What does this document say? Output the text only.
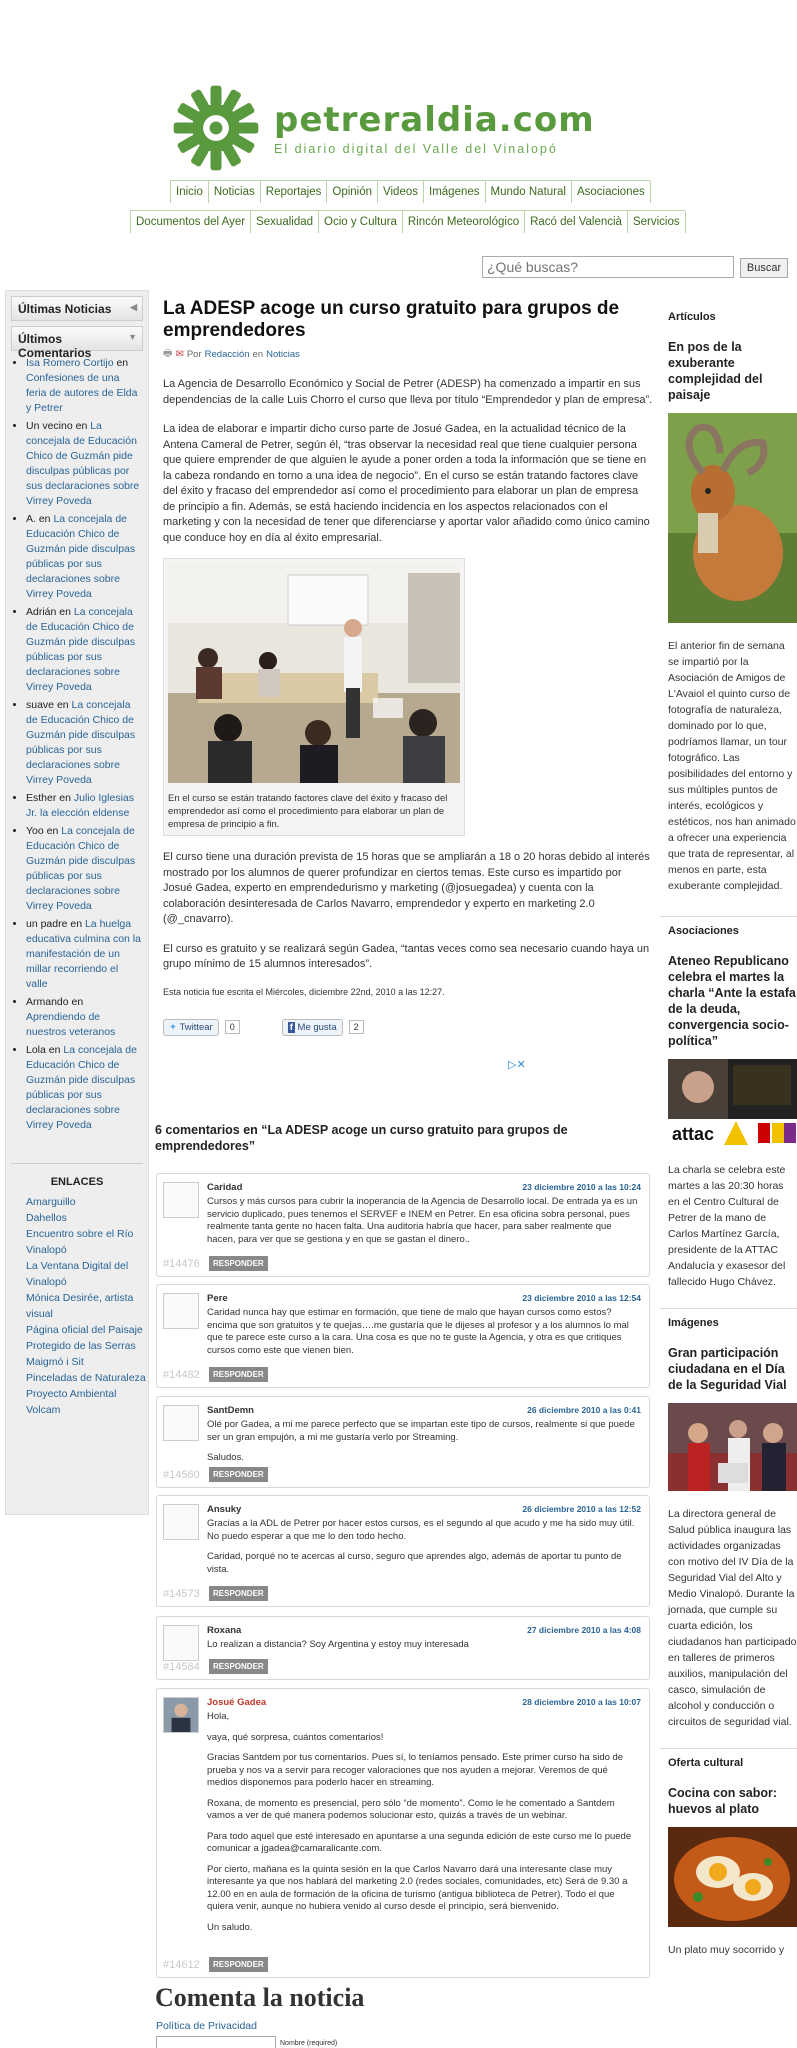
petreraldia.com
El diario digital del Valle del Vinalopó
Inicio Noticias Reportajes Opinión Videos Imágenes Mundo Natural Asociaciones
Documentos del Ayer Sexualidad Ocio y Cultura Rincón Meteorológico Racó del Valencià Servicios
¿Qué buscas?
Buscar
Últimas Noticias ◀
Últimos Comentarios
▼
• Isa Romero Cortijo en Confesiones de una feria de autores de Elda y Petrer
• Un vecino en La concejala de Educación Chico de Guzmán pide disculpas públicas por sus declaraciones sobre Virrey Poveda
• A. en La concejala de Educación Chico de Guzmán pide disculpas públicas por sus declaraciones sobre Virrey Poveda
• Adrián en La concejala de Educación Chico de Guzmán pide disculpas públicas por sus declaraciones sobre Virrey Poveda
• suave en La concejala de Educación Chico de Guzmán pide disculpas públicas por sus declaraciones sobre Virrey Poveda
• Esther en Julio Iglesias Jr. la elección eldense
• Yoo en La concejala de Educación Chico de Guzmán pide disculpas públicas por sus declaraciones sobre Virrey Poveda
• un padre en La huelga educativa culmina con la manifestación de un millar recorriendo el valle
• Armando en Aprendiendo de nuestros veteranos
• Lola en La concejala de Educación Chico de Guzmán pide disculpas públicas por sus declaraciones sobre Virrey Poveda
ENLACES
Amarguillo
Dahellos
Encuentro sobre el Río Vinalopó
La Ventana Digital del Vinalopó
Mónica Desirée, artista visual
Página oficial del Paisaje Protegido de las Serras Maigmó i Sit
Pinceladas de Naturaleza
Proyecto Ambiental Volcam
La ADESP acoge un curso gratuito para grupos de emprendedores
🖶 ✉ Por Redacción en Noticias

La Agencia de Desarrollo Económico y Social de Petrer (ADESP) ha comenzado a impartir en sus dependencias de la calle Luis Chorro el curso que lleva por título “Emprendedor y plan de empresa”.

La idea de elaborar e impartir dicho curso parte de Josué Gadea, en la actualidad técnico de la Antena Cameral de Petrer, según él, “tras observar la necesidad real que tiene cualquier persona que quiere emprender de que alguien le ayude a poner orden a toda la información que se tiene en la cabeza rondando en torno a una idea de negocio”. En el curso se están tratando factores clave del éxito y fracaso del emprendedor así como el procedimiento para elaborar un plan de empresa de principio a fin. Además, se está haciendo incidencia en los aspectos relacionados con el marketing y con la necesidad de tener que diferenciarse y aportar valor añadido como único camino que conduce hoy en día al éxito empresarial.

En el curso se están tratando factores clave del éxito y fracaso del emprendedor así como el procedimiento para elaborar un plan de empresa de principio a fin.

El curso tiene una duración prevista de 15 horas que se ampliarán a 18 o 20 horas debido al interés mostrado por los alumnos de querer profundizar en ciertos temas. Este curso es impartido por Josué Gadea, experto en emprendedurismo y marketing (@josuegadea) y cuenta con la colaboración desinteresada de Carlos Navarro, emprendedor y experto en marketing 2.0 (@_cnavarro).

El curso es gratuito y se realizará según Gadea, “tantas veces como sea necesario cuando haya un grupo mínimo de 15 alumnos interesados”.

Esta noticia fue escrita el Miércoles, diciembre 22nd, 2010 a las 12:27.

✦ Twittear	0	f Me gusta	2
▷✕
6 comentarios en “La ADESP acoge un curso gratuito para grupos de emprendedores”
Caridad	23 diciembre 2010 a las 10:24

Cursos y más cursos para cubrir la inoperancia de la Agencia de Desarrollo local. De entrada ya es un servicio duplicado, pues tenemos el SERVEF e INEM en Petrer. En esa oficina sobra personal, pues realmente tanta gente no hacen falta. Una auditoria habría que hacer, para saber realmente que hacen, para ver que se gestiona y en que se gastan el dinero..

#14476	RESPONDER
Pere	23 diciembre 2010 a las 12:54

Caridad nunca hay que estimar en formación, que tiene de malo que hayan cursos como estos? encima que son gratuitos y te quejas….me gustaría que le dijeses al profesor y a los alumnos lo mal que te parece este curso a la cara. Una cosa es que no te guste la Agencia, y otra es que critiques cursos como este que vienen bien.

#14482	RESPONDER
SantDemn	26 diciembre 2010 a las 0:41

Olé por Gadea, a mi me parece perfecto que se impartan este tipo de cursos, realmente si que puede ser un gran empujón, a mi me gustaría verlo por Streaming.

Saludos.

#14560	RESPONDER
Ansuky	26 diciembre 2010 a las 12:52

Gracias a la ADL de Petrer por hacer estos cursos, es el segundo al que acudo y me ha sido muy útil. No puedo esperar a que me lo den todo hecho.

Caridad, porqué no te acercas al curso, seguro que aprendes algo, además de aportar tu punto de vista.

#14573	RESPONDER
Roxana	27 diciembre 2010 a las 4:08

Lo realizan a distancia? Soy Argentina y estoy muy interesada

#14584	RESPONDER
Josué Gadea	28 diciembre 2010 a las 10:07

Hola,

vaya, qué sorpresa, cuántos comentarios!

Gracias Santdem por tus comentarios. Pues sí, lo teníamos pensado. Este primer curso ha sido de prueba y nos va a servir para recoger valoraciones que nos ayuden a mejorar. Veremos de qué medios disponemos para poderlo hacer en streaming.

Roxana, de momento es presencial, pero sólo “de momento”. Como le he comentado a Santdem vamos a ver de qué manera podemos solucionar esto, quizás a través de un webinar.

Para todo aquel que esté interesado en apuntarse a una segunda edición de este curso me lo puede comunicar a jgadea@camaralicante.com.

Por cierto, mañana es la quinta sesión en la que Carlos Navarro dará una interesante clase muy interesante ya que nos hablará del marketing 2.0 (redes sociales, comunidades, etc) Será de 9.30 a 12.00 en en aula de formación de la oficina de turismo (antigua biblioteca de Petrer). Todo el que quiera venir, aunque no hubiera venido al curso desde el principio, será bienvenido.

Un saludo.

#14612	RESPONDER
Comenta la noticia
Política de Privacidad
Nombre (required)
Artículos
En pos de la exuberante complejidad del paisaje
El anterior fin de semana se impartió por la Asociación de Amigos de L'Avaiol el quinto curso de fotografía de naturaleza, dominado por lo que, podríamos llamar, un tour fotográfico. Las posibilidades del entorno y sus múltiples puntos de interés, ecológicos y estéticos, nos han animado a ofrecer una experiencia que trata de representar, al menos en parte, esta exuberante complejidad.
Asociaciones
Ateneo Republicano celebra el martes la charla “Ante la estafa de la deuda, convergencia socio-política”
attac
La charla se celebra este martes a las 20:30 horas en el Centro Cultural de Petrer de la mano de Carlos Martínez García, presidente de la ATTAC Andalucía y exasesor del fallecido Hugo Chávez.
Imágenes
Gran participación ciudadana en el Día de la Seguridad Vial
La directora general de Salud pública inaugura las actividades organizadas con motivo del IV Día de la Seguridad Vial del Alto y Medio Vinalopó. Durante la jornada, que cumple su cuarta edición, los ciudadanos han participado en talleres de primeros auxilios, manipulación del casco, simulación de alcohol y conducción o circuitos de seguridad vial.
Oferta cultural
Cocina con sabor: huevos al plato
Un plato muy socorrido y
